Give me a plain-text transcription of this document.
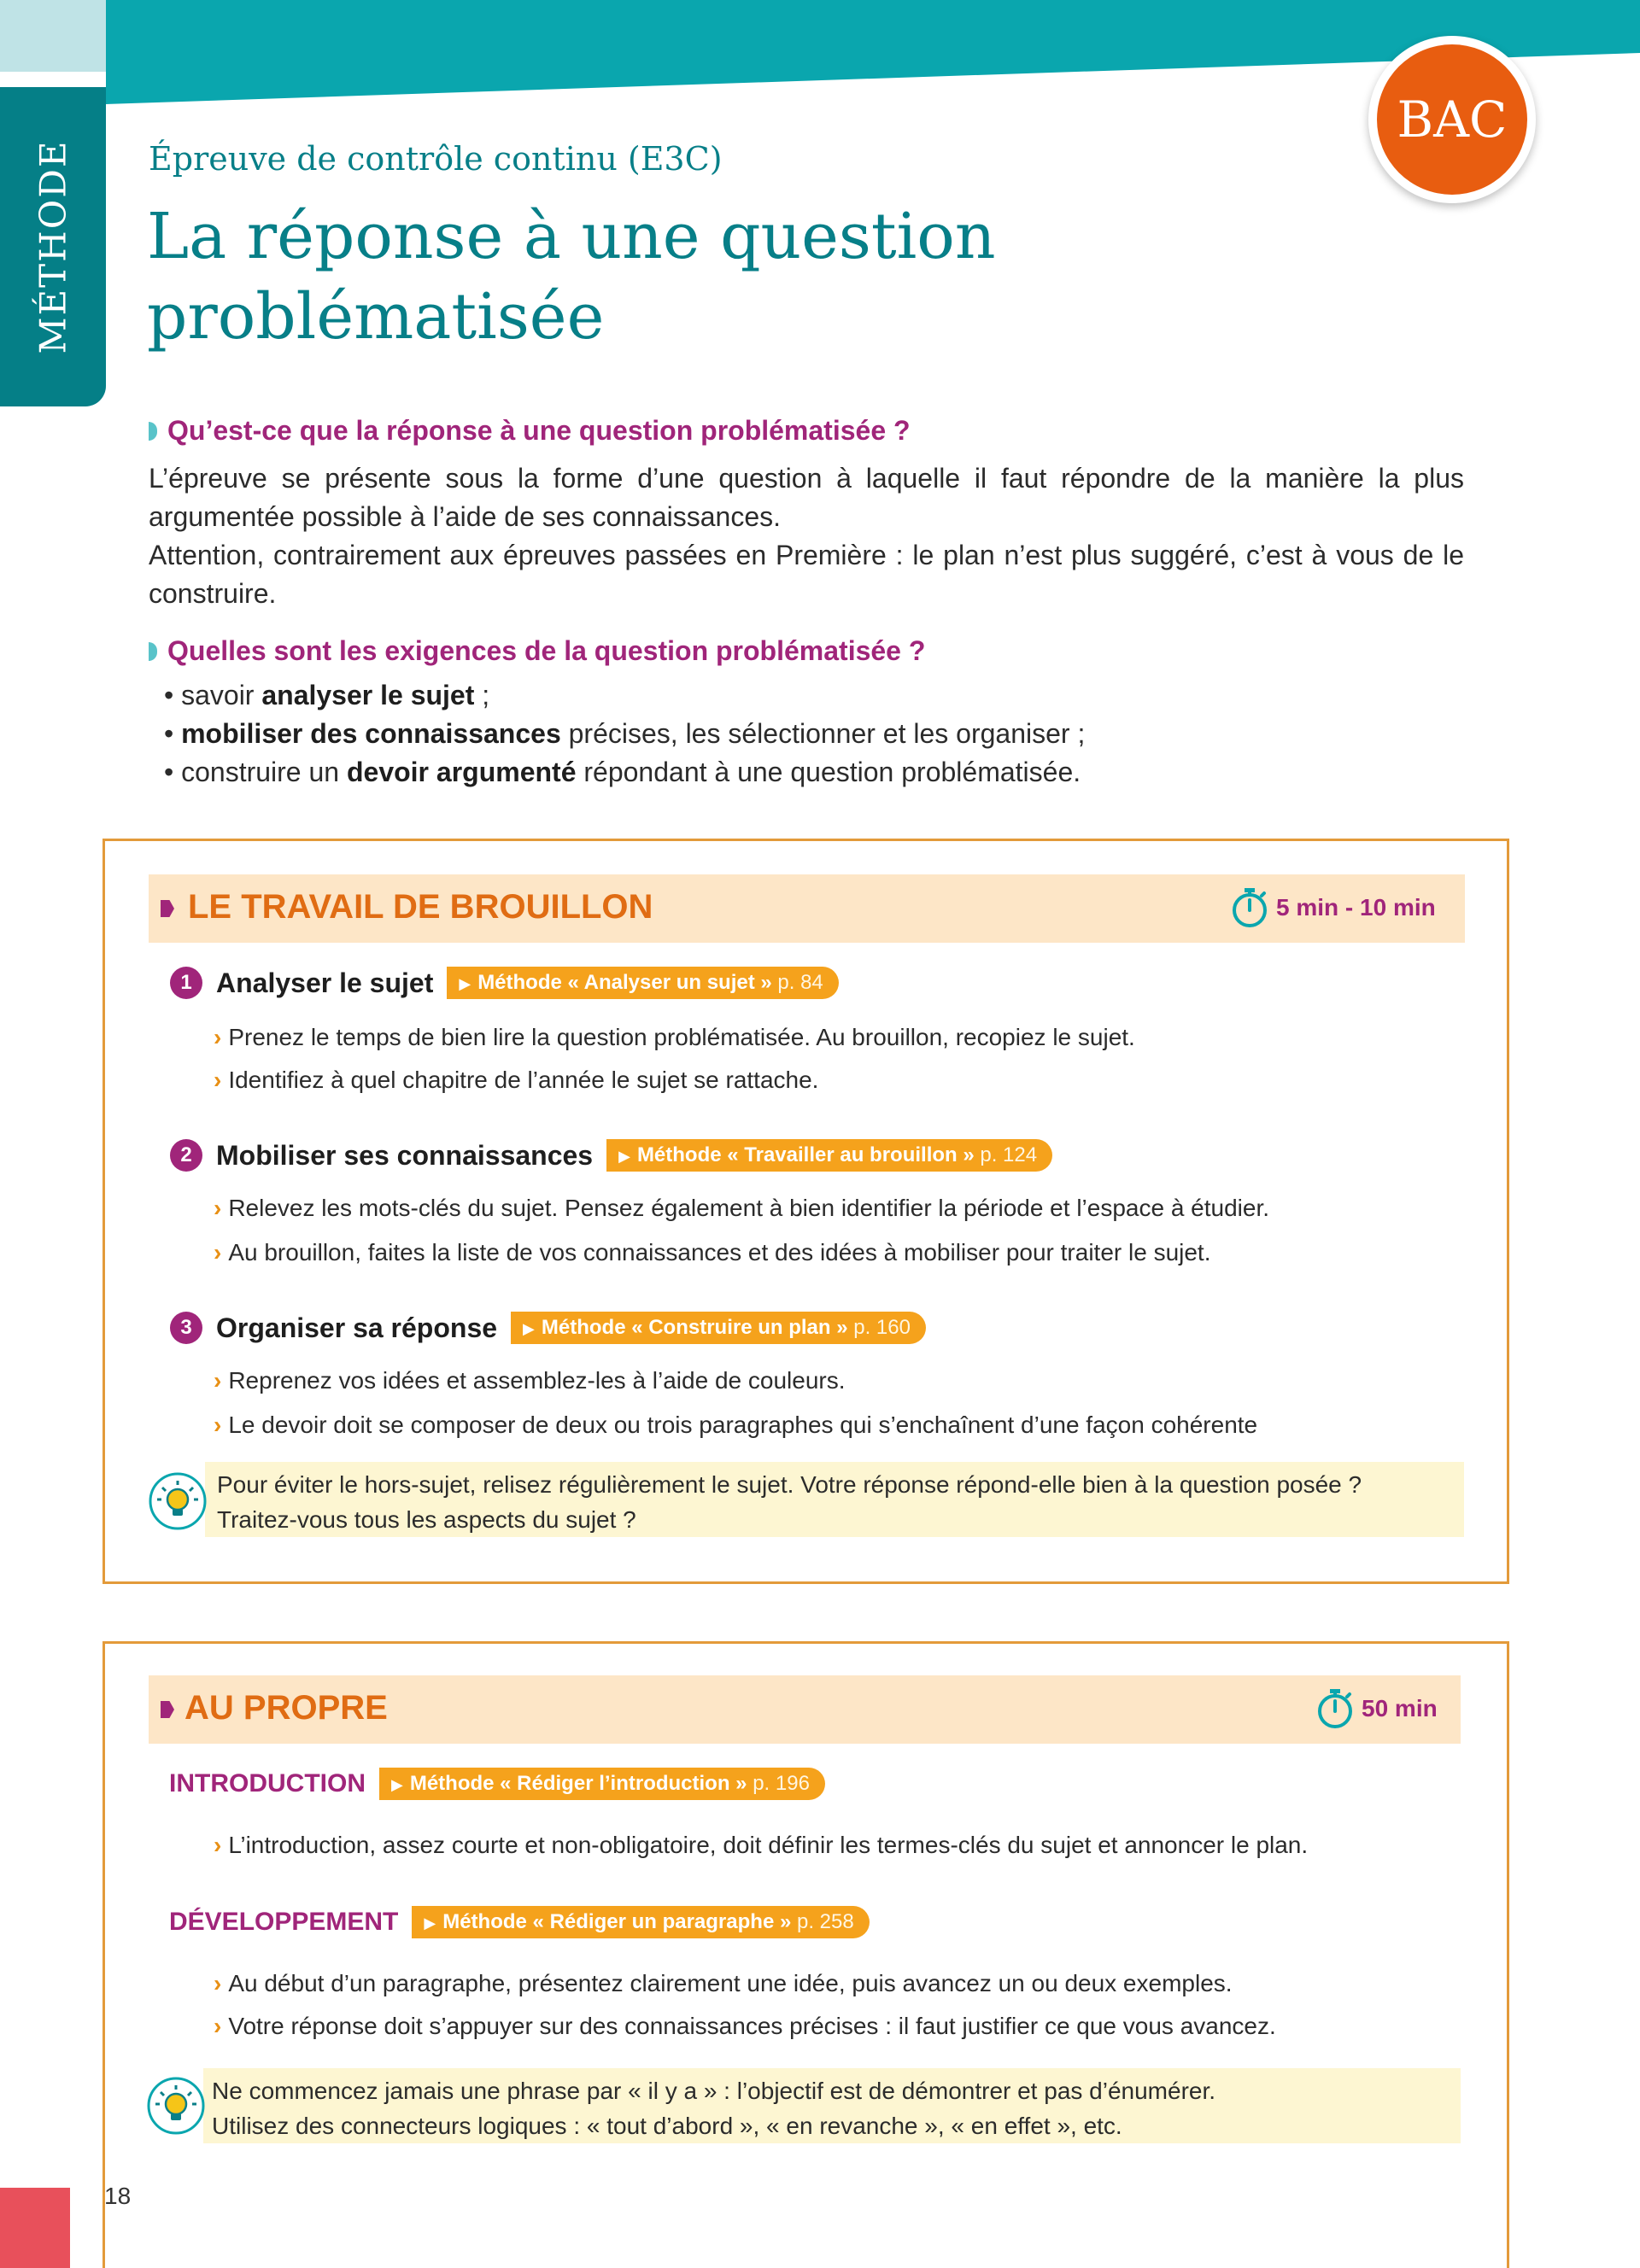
MÉTHODE
BAC
Épreuve de contrôle continu (E3C)
La réponse à une question problématisée
Qu’est-ce que la réponse à une question problématisée ?
L’épreuve se présente sous la forme d’une question à laquelle il faut répondre de la manière la plus argumentée possible à l’aide de ses connaissances.
Attention, contrairement aux épreuves passées en Première : le plan n’est plus suggéré, c’est à vous de le construire.
Quelles sont les exigences de la question problématisée ?
• savoir analyser le sujet ;
• mobiliser des connaissances précises, les sélectionner et les organiser ;
• construire un devoir argumenté répondant à une question problématisée.
LE TRAVAIL DE BROUILLON	5 min - 10 min
1 Analyser le sujet	▶ Méthode « Analyser un sujet » p. 84
› Prenez le temps de bien lire la question problématisée. Au brouillon, recopiez le sujet.
› Identifiez à quel chapitre de l’année le sujet se rattache.
2 Mobiliser ses connaissances	▶ Méthode « Travailler au brouillon » p. 124
› Relevez les mots-clés du sujet. Pensez également à bien identifier la période et l’espace à étudier.
› Au brouillon, faites la liste de vos connaissances et des idées à mobiliser pour traiter le sujet.
3 Organiser sa réponse	▶ Méthode « Construire un plan » p. 160
› Reprenez vos idées et assemblez-les à l’aide de couleurs.
› Le devoir doit se composer de deux ou trois paragraphes qui s’enchaînent d’une façon cohérente
Pour éviter le hors-sujet, relisez régulièrement le sujet. Votre réponse répond-elle bien à la question posée ?
Traitez-vous tous les aspects du sujet ?
AU PROPRE	50 min
INTRODUCTION	▶ Méthode « Rédiger l’introduction » p. 196
› L’introduction, assez courte et non-obligatoire, doit définir les termes-clés du sujet et annoncer le plan.
DÉVELOPPEMENT	▶ Méthode « Rédiger un paragraphe » p. 258
› Au début d’un paragraphe, présentez clairement une idée, puis avancez un ou deux exemples.
› Votre réponse doit s’appuyer sur des connaissances précises : il faut justifier ce que vous avancez.
Ne commencez jamais une phrase par « il y a » : l’objectif est de démontrer et pas d’énumérer.
Utilisez des connecteurs logiques : « tout d’abord », « en revanche », « en effet », etc.
18
